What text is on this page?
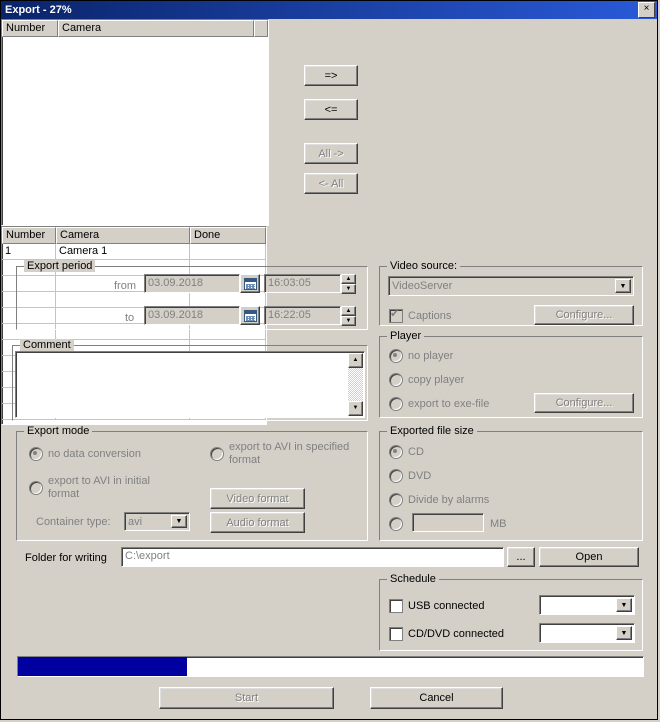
Export - 27%	×
Number	Camera
=>
<=
All ->
<- All
Number	Camera	Done
1	Camera 1
Export period
from	03.09.2018	16:03:05	▲
▼
to	03.09.2018	16:22:05	▲
▼
Video source:
VideoServer	▼
✔
Captions	Configure...
Player
no player
copy player
export to exe-file	Configure...
Comment
▲
▼
Export mode
no data conversion
export to AVI in specified format
export to AVI in initial format
Container type: avi	▼
Video format
Audio format
Exported file size
CD
DVD
Divide by alarms
MB
Folder for writing	C:\export	...	Open
Schedule
USB connected	▼
CD/DVD connected	▼
Start	Cancel
